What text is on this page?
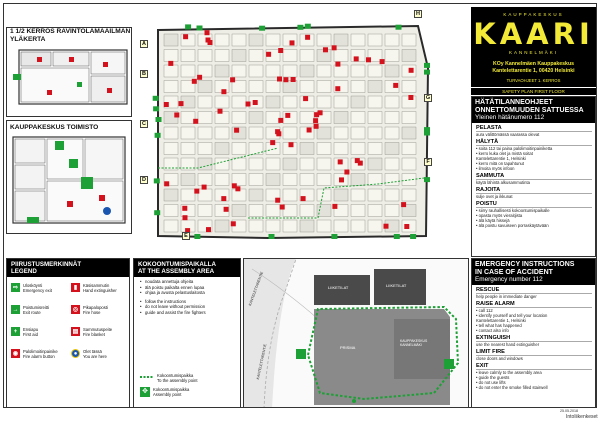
1 1/2 KERROS RAVINTOLAMAAILMAN YLÄKERTA
KAUPPAKESKUS TOIMISTO
A
B
C
D
E
F
G
H	KAUPPAKESKUS
KAARI
KANNELMÄKI
KOy Kannelmäen Kauppakeskus
Kantelettarentie 1, 00420 Helsinki
TURVAOHJEET 1. KERROS
SAFETY PLAN FIRST FLOOR
HÄTÄTILANNEOHJEET
ONNETTOMUUDEN SATTUESSA
Yleinen hätänumero 112
PELASTA
aura välittömässä vaarassa olevat
HÄLYTÄ
• soita 112 tai paina palolimoitinpainiketta
• kerro kuka olet ja mistä soitat
Kantelettarentie 1, Helsinki
• kerro mitä on tapahtunut
• ilmoita myös infoon
SAMMUTA
käytä lähintä alkusammutinta
RAJOITA
sulje ovet ja ikkunat
POISTU
• siirry rauhallisesti kokoontumispaikalle
• opasta myös vieraitjista
• älä käytä hissejä
• älä poistu savuiseen porraskäytävään
PIIRUSTUSMERKINNÄT
LEGEND
⇨	Ulosköynti
Emergency exit	▮	Käsisammutin
Hand extinguisher
→	Poistumisreitti
Exit route	◎	Pikapaloposti
Fire hose
+	Ensiapu
First aid	▤	Sammutuspeite
Fire blanket
◉	Palolimoitinpainike
Fire alarm button	●	Olet tässä
You are here
KOKOONTUMISPAIKALLA
AT THE ASSEMBLY AREA
• noudata annettuja ohjeita
• älä poistu paikalta ennen lupaa
• ohjaa ja avusta pelastuslaitosta
• follow the instructions
• do not leave without permission
• guide and assist the fire fighters
Kokoontumispaikka
To the assembly point
✥	Kokoontumispaikka
Assembly point
LIIKETILAT	LIIKETILAT
PRISMA
KAUPPAKESKUS KANNELMÄKI
KANTELETTARENTIE
KANTELETTARENTIE
EMERGENCY INSTRUCTIONS
IN CASE OF ACCIDENT
Emergency number 112
RESCUE
help people in immediate danger
RAISE ALARM
• call 112
• identify yourself and tell your location
Kantelettarentie 1, Helsinki
• tell what has happened
• contact also info
EXTINGUISH
use the nearest hand extinguisher
LIMIT FIRE
close doors and windows
EXIT
• leave calmly to the assembly area
• guide the guests
• do not use lifts
• do not enter the smoke filled stairwell
25.05.2018
Intoliikenkeset
